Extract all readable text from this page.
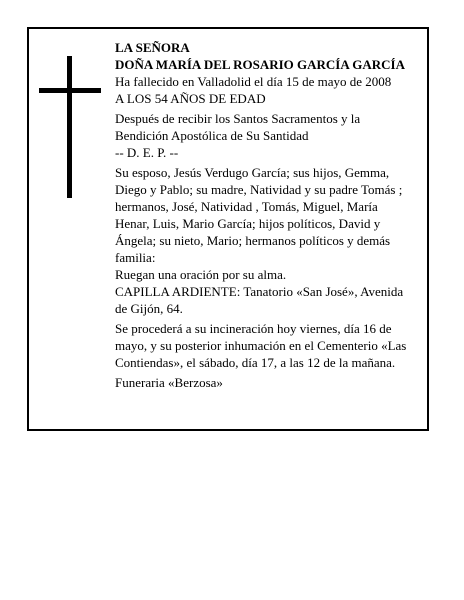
LA SEÑORA
DOÑA MARÍA DEL ROSARIO GARCÍA GARCÍA
Ha fallecido en Valladolid el día 15 de mayo de 2008
A LOS 54 AÑOS DE EDAD
Después de recibir los Santos Sacramentos y la
Bendición Apostólica de Su Santidad
-- D. E. P. --
Su esposo, Jesús Verdugo García; sus hijos, Gemma,
Diego y Pablo; su madre, Natividad y su padre Tomás ;
hermanos, José, Natividad , Tomás, Miguel, María
Henar, Luis, Mario García; hijos políticos, David y
Ángela; su nieto, Mario; hermanos políticos y demás
familia:
Ruegan una oración por su alma.
CAPILLA ARDIENTE: Tanatorio «San José», Avenida
de Gijón, 64.
Se procederá a su incineración hoy viernes, día 16 de
mayo, y su posterior inhumación en el Cementerio «Las
Contiendas», el sábado, día 17, a las 12 de la mañana.
Funeraria «Berzosa»
